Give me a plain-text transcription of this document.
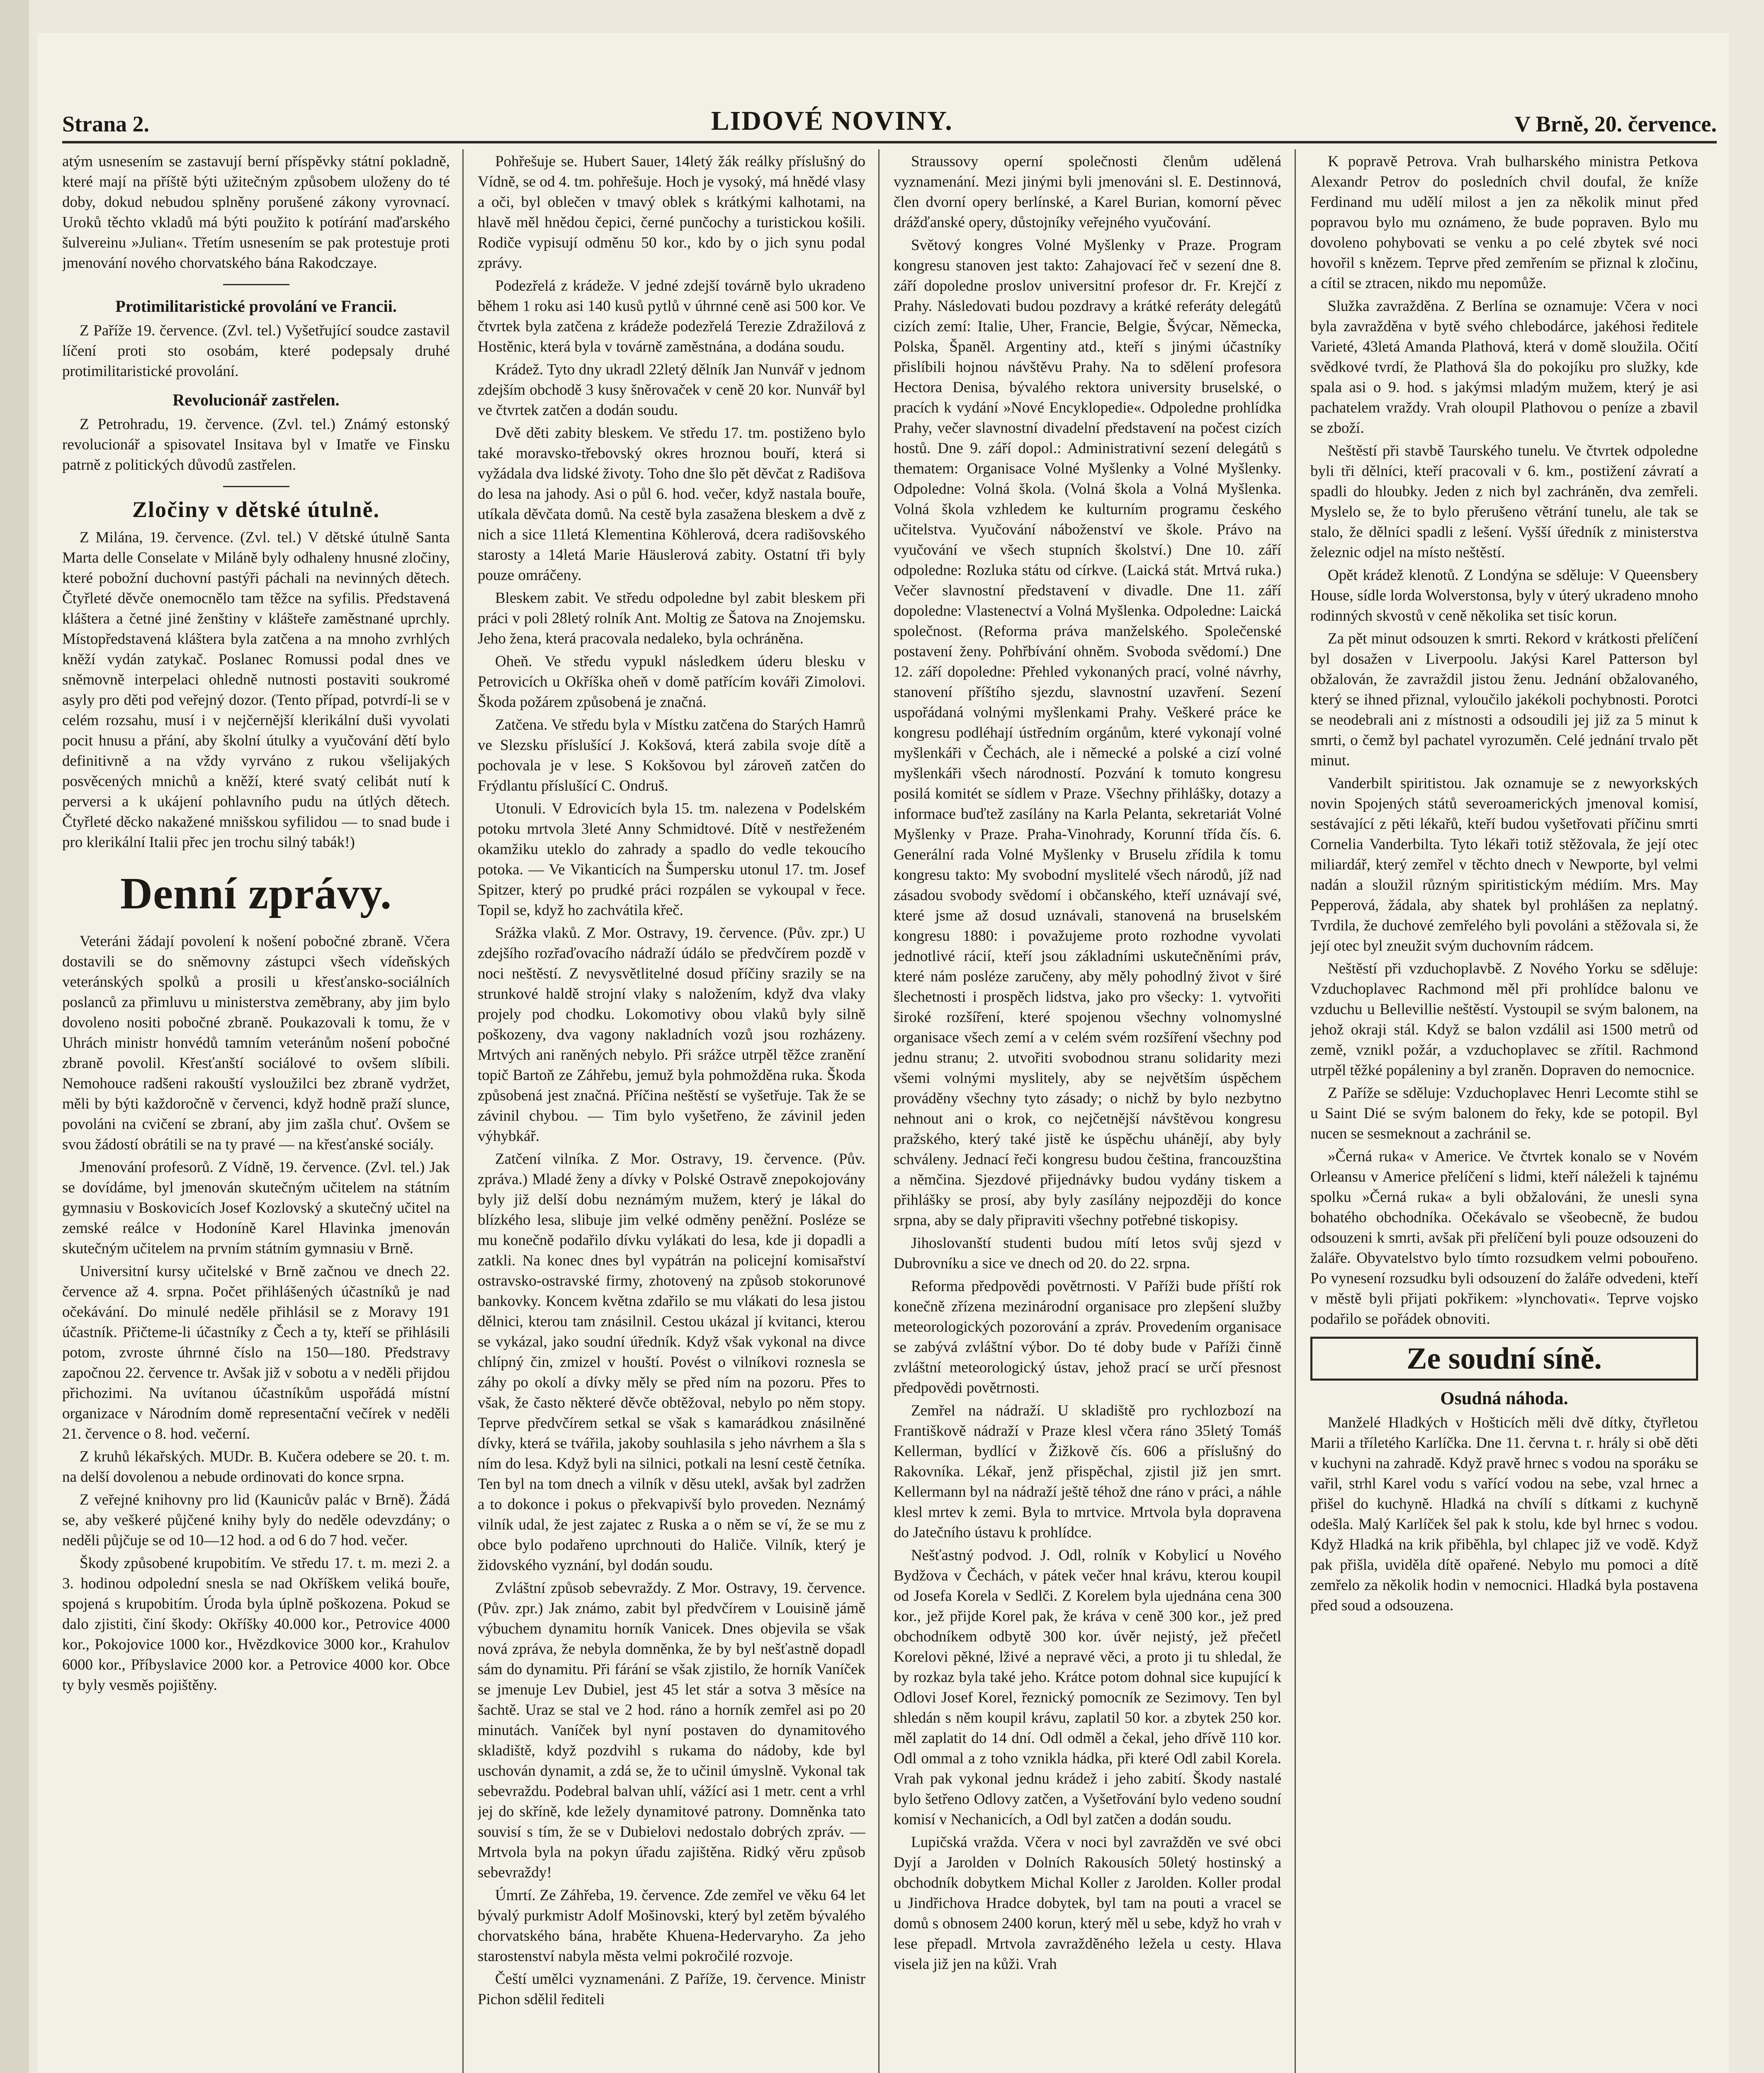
Strana 2.	LIDOVÉ NOVINY.	V Brně, 20. července.

atým usnesením se zastavují berní příspěvky státní pokladně, které mají na příště býti užitečným způsobem uloženy do té doby, dokud nebudou splněny porušené zákony vyrovnací. Uroků těchto vkladů má býti použito k potírání maďarského šulvereinu »Julian«. Třetím usnesením se pak protestuje proti jmenování nového chorvatského bána Rakodczaye.

Protimilitaristické provolání ve Francii.

Z Paříže 19. července. (Zvl. tel.) Vyšetřující soudce zastavil líčení proti sto osobám, které podepsaly druhé protimilitaristické provolání.

Revolucionář zastřelen.

Z Petrohradu, 19. července. (Zvl. tel.) Známý estonský revolucionář a spisovatel Insitava byl v Imatře ve Finsku patrně z politických důvodů zastřelen.

Zločiny v dětské útulně.

Z Milána, 19. července. (Zvl. tel.) V dětské útulně Santa Marta delle Conselate v Miláně byly odhaleny hnusné zločiny, které pobožní duchovní pastýři páchali na nevinných dětech. Čtyřleté děvče onemocnělo tam těžce na syfilis. Představená kláštera a četné jiné ženštiny v klášteře zaměstnané uprchly. Místopředstavená kláštera byla zatčena a na mnoho zvrhlých kněží vydán zatykač. Poslanec Romussi podal dnes ve sněmovně interpelaci ohledně nutnosti postaviti soukromé asyly pro děti pod veřejný dozor. (Tento případ, potvrdí-li se v celém rozsahu, musí i v nejčernější klerikální duši vyvolati pocit hnusu a přání, aby školní útulky a vyučování dětí bylo definitivně a na vždy vyrváno z rukou všelijakých posvěcených mnichů a kněží, které svatý celibát nutí k perversi a k ukájení pohlavního pudu na útlých dětech. Čtyřleté děcko nakažené mnišskou syfilidou — to snad bude i pro klerikální Italii přec jen trochu silný tabák!)

Denní zprávy.

Veteráni žádají povolení k nošení pobočné zbraně. Včera dostavili se do sněmovny zástupci všech vídeňských veteránských spolků a prosili u křesťansko-sociálních poslanců za přimluvu u ministerstva zeměbrany, aby jim bylo dovoleno nositi pobočné zbraně. Poukazovali k tomu, že v Uhrách ministr honvédů tamním veteránům nošení pobočné zbraně povolil. Křesťanští sociálové to ovšem slíbili. Nemohouce radšeni rakouští vysloužilci bez zbraně vydržet, měli by býti každoročně v červenci, když hodně praží slunce, povoláni na cvičení se zbraní, aby jim zašla chuť. Ovšem se svou žádostí obrátili se na ty pravé — na křesťanské sociály.

Jmenování profesorů. Z Vídně, 19. července. (Zvl. tel.) Jak se dovídáme, byl jmenován skutečným učitelem na státním gymnasiu v Boskovicích Josef Kozlovský a skutečný učitel na zemské reálce v Hodoníně Karel Hlavinka jmenován skutečným učitelem na prvním státním gymnasiu v Brně.

Universitní kursy učitelské v Brně začnou ve dnech 22. července až 4. srpna. Počet přihlášených účastníků je nad očekávání. Do minulé neděle přihlásil se z Moravy 191 účastník. Přičteme-li účastníky z Čech a ty, kteří se přihlásili potom, zvroste úhrnné číslo na 150—180. Předstravy započnou 22. července tr. Avšak již v sobotu a v neděli přijdou přichozimi. Na uvítanou účastníkům uspořádá místní organizace v Národním domě representační večírek v neděli 21. července o 8. hod. večerní.

Z kruhů lékařských. MUDr. B. Kučera odebere se 20. t. m. na delší dovolenou a nebude ordinovati do konce srpna.

Z veřejné knihovny pro lid (Kaunicův palác v Brně). Žádá se, aby veškeré půjčené knihy byly do neděle odevzdány; o neděli půjčuje se od 10—12 hod. a od 6 do 7 hod. večer.

Škody způsobené krupobitím. Ve středu 17. t. m. mezi 2. a 3. hodinou odpolední snesla se nad Okříškem veliká bouře, spojená s krupobitím. Úroda byla úplně poškozena. Pokud se dalo zjistiti, činí škody: Okříšky 40.000 kor., Petrovice 4000 kor., Pokojovice 1000 kor., Hvězdkovice 3000 kor., Krahulov 6000 kor., Příbyslavice 2000 kor. a Petrovice 4000 kor. Obce ty byly vesměs pojištěny.

Pohřešuje se. Hubert Sauer, 14letý žák reálky příslušný do Vídně, se od 4. tm. pohřešuje. Hoch je vysoký, má hnědé vlasy a oči, byl oblečen v tmavý oblek s krátkými kalhotami, na hlavě měl hnědou čepici, černé punčochy a turistickou košili. Rodiče vypisují odměnu 50 kor., kdo by o jich synu podal zprávy.

Podezřelá z krádeže. V jedné zdejší továrně bylo ukradeno během 1 roku asi 140 kusů pytlů v úhrnné ceně asi 500 kor. Ve čtvrtek byla zatčena z krádeže podezřelá Terezie Zdražilová z Hostěnic, která byla v továrně zaměstnána, a dodána soudu.

Krádež. Tyto dny ukradl 22letý dělník Jan Nunvář v jednom zdejším obchodě 3 kusy šněrovaček v ceně 20 kor. Nunvář byl ve čtvrtek zatčen a dodán soudu.

Dvě děti zabity bleskem. Ve středu 17. tm. postiženo bylo také moravsko-třebovský okres hroznou bouří, která si vyžádala dva lidské životy. Toho dne šlo pět děvčat z Radišova do lesa na jahody. Asi o půl 6. hod. večer, když nastala bouře, utíkala děvčata domů. Na cestě byla zasažena bleskem a dvě z nich a sice 11letá Klementina Köhlerová, dcera radišovského starosty a 14letá Marie Häuslerová zabity. Ostatní tři byly pouze omráčeny.

Bleskem zabit. Ve středu odpoledne byl zabit bleskem při práci v poli 28letý rolník Ant. Moltig ze Šatova na Znojemsku. Jeho žena, která pracovala nedaleko, byla ochráněna.

Oheň. Ve středu vypukl následkem úderu blesku v Petrovicích u Okříška oheň v domě patřícím kováři Zimolovi. Škoda požárem způsobená je značná.

Zatčena. Ve středu byla v Místku zatčena do Starých Hamrů ve Slezsku příslušící J. Kokšová, která zabila svoje dítě a pochovala je v lese. S Kokšovou byl zároveň zatčen do Frýdlantu příslušící C. Ondruš.

Utonuli. V Edrovicích byla 15. tm. nalezena v Podelském potoku mrtvola 3leté Anny Schmidtové. Dítě v nestřeženém okamžiku uteklo do zahrady a spadlo do vedle tekoucího potoka. — Ve Vikanticích na Šumpersku utonul 17. tm. Josef Spitzer, který po prudké práci rozpálen se vykoupal v řece. Topil se, když ho zachvátila křeč.

Srážka vlaků. Z Mor. Ostravy, 19. července. (Pův. zpr.) U zdejšího rozřaďovacího nádraží údálo se předvčírem pozdě v noci neštěstí. Z nevysvětlitelné dosud příčiny srazily se na strunkové haldě strojní vlaky s naložením, když dva vlaky projely pod chodku. Lokomotivy obou vlaků byly silně poškozeny, dva vagony nakladních vozů jsou rozházeny. Mrtvých ani raněných nebylo. Při srážce utrpěl těžce zranění topič Bartoň ze Záhřebu, jemuž byla pohmožděna ruka. Škoda způsobená jest značná. Příčina neštěstí se vyšetřuje. Tak že se závinil chybou. — Tim bylo vyšetřeno, že závinil jeden výhybkář.

Zatčení vilníka. Z Mor. Ostravy, 19. července. (Pův. zpráva.) Mladé ženy a dívky v Polské Ostravě znepokojovány byly již delší dobu neznámým mužem, který je lákal do blízkého lesa, slibuje jim velké odměny peněžní. Posléze se mu konečně podařilo dívku vylákati do lesa, kde ji dopadli a zatkli. Na konec dnes byl vypátrán na policejní komisařství ostravsko-ostravské firmy, zhotovený na způsob stokorunové bankovky. Koncem května zdařilo se mu vlákati do lesa jistou dělnici, kterou tam znásilnil. Cestou ukázal jí kvitanci, kterou se vykázal, jako soudní úředník. Když však vykonal na divce chlípný čin, zmizel v houští. Povést o vilníkovi roznesla se záhy po okolí a dívky měly se před ním na pozoru. Přes to však, že často některé děvče obtěžoval, nebylo po něm stopy. Teprve předvčírem setkal se však s kamarádkou znásilněné dívky, která se tvářila, jakoby souhlasila s jeho návrhem a šla s ním do lesa. Když byli na silnici, potkali na lesní cestě četníka. Ten byl na tom dnech a vilník v děsu utekl, avšak byl zadržen a to dokonce i pokus o překvapivší bylo proveden. Neznámý vilník udal, že jest zajatec z Ruska a o něm se ví, že se mu z obce bylo podařeno uprchnouti do Haliče. Vilník, který je židovského vyznání, byl dodán soudu.

Zvláštní způsob sebevraždy. Z Mor. Ostravy, 19. července. (Pův. zpr.) Jak známo, zabit byl předvčírem v Louisině jámě výbuchem dynamitu horník Vanicek. Dnes objevila se však nová zpráva, že nebyla domněnka, že by byl nešťastně dopadl sám do dynamitu. Při fárání se však zjistilo, že horník Vaníček se jmenuje Lev Dubiel, jest 45 let stár a sotva 3 měsíce na šachtě. Uraz se stal ve 2 hod. ráno a horník zemřel asi po 20 minutách. Vaníček byl nyní postaven do dynamitového skladiště, když pozdvihl s rukama do nádoby, kde byl uschován dynamit, a zdá se, že to učinil úmyslně. Vykonal tak sebevraždu. Podebral balvan uhlí, vážící asi 1 metr. cent a vrhl jej do skříně, kde ležely dynamitové patrony. Domněnka tato souvisí s tím, že se v Dubielovi nedostalo dobrých zpráv. — Mrtvola byla na pokyn úřadu zajištěna. Ridký věru způsob sebevraždy!

Úmrtí. Ze Záhřeba, 19. července. Zde zemřel ve věku 64 let bývalý purkmistr Adolf Mošinovski, který byl zetěm bývalého chorvatského bána, hraběte Khuena-Hedervaryho. Za jeho starostenství nabyla města velmi pokročilé rozvoje.

Čeští umělci vyznamenáni. Z Paříže, 19. července. Ministr Pichon sdělil řediteli

Straussovy operní společnosti členům udělená vyznamenání. Mezi jinými byli jmenováni sl. E. Destinnová, člen dvorní opery berlínské, a Karel Burian, komorní pěvec drážďanské opery, důstojníky veřejného vyučování.

Světový kongres Volné Myšlenky v Praze. Program kongresu stanoven jest takto: Zahajovací řeč v sezení dne 8. září dopoledne proslov universitní profesor dr. Fr. Krejčí z Prahy. Následovati budou pozdravy a krátké referáty delegátů cizích zemí: Italie, Uher, Francie, Belgie, Švýcar, Německa, Polska, Španěl. Argentiny atd., kteří s jinými účastníky přislíbili hojnou návštěvu Prahy. Na to sdělení profesora Hectora Denisa, bývalého rektora university bruselské, o pracích k vydání »Nové Encyklopedie«. Odpoledne prohlídka Prahy, večer slavnostní divadelní představení na počest cizích hostů. Dne 9. září dopol.: Administrativní sezení delegátů s thematem: Organisace Volné Myšlenky a Volné Myšlenky. Odpoledne: Volná škola. (Volná škola a Volná Myšlenka. Volná škola vzhledem ke kulturním programu českého učitelstva. Vyučování náboženství ve škole. Právo na vyučování ve všech stupních školství.) Dne 10. září odpoledne: Rozluka státu od církve. (Laická stát. Mrtvá ruka.) Večer slavnostní představení v divadle. Dne 11. září dopoledne: Vlastenectví a Volná Myšlenka. Odpoledne: Laická společnost. (Reforma práva manželského. Společenské postavení ženy. Pohřbívání ohněm. Svoboda svědomí.) Dne 12. září dopoledne: Přehled vykonaných prací, volné návrhy, stanovení příštího sjezdu, slavnostní uzavření. Sezení uspořádaná volnými myšlenkami Prahy. Veškeré práce ke kongresu podléhají ústředním orgánům, které vykonají volné myšlenkáři v Čechách, ale i německé a polské a cizí volné myšlenkáři všech národností. Pozvání k tomuto kongresu posilá komitét se sídlem v Praze. Všechny přihlášky, dotazy a informace buďtež zasílány na Karla Pelanta, sekretariát Volné Myšlenky v Praze. Praha-Vinohrady, Korunní třída čís. 6. Generální rada Volné Myšlenky v Bruselu zřídila k tomu kongresu takto: My svobodní myslitelé všech národů, jíž nad zásadou svobody svědomí i občanského, kteří uznávají své, které jsme až dosud uznávali, stanovená na bruselském kongresu 1880: i považujeme proto rozhodne vyvolati jednotlivé rácií, kteří jsou základními uskutečněními práv, které nám posléze zaručeny, aby měly pohodlný život v širé šlechetnosti i prospěch lidstva, jako pro všecky: 1. vytvořiti široké rozšíření, které spojenou všechny volnomyslné organisace všech zemí a v celém svém rozšíření všechny pod jednu stranu; 2. utvořiti svobodnou stranu solidarity mezi všemi volnými myslitely, aby se největším úspěchem prováděny všechny tyto zásady; o nichž by bylo nezbytno nehnout ani o krok, co nejčetnější návštěvou kongresu pražského, který také jistě ke úspěchu uhánějí, aby byly schváleny. Jednací řeči kongresu budou čeština, francouzština a němčina. Sjezdové přijednávky budou vydány tiskem a přihlášky se prosí, aby byly zasílány nejpozději do konce srpna, aby se daly připraviti všechny potřebné tiskopisy.

Jihoslovanští studenti budou mítí letos svůj sjezd v Dubrovníku a sice ve dnech od 20. do 22. srpna.

Reforma předpovědi povětrnosti. V Paříži bude příští rok konečně zřízena mezinárodní organisace pro zlepšení služby meteorologických pozorování a zpráv. Provedením organisace se zabývá zvláštní výbor. Do té doby bude v Paříži činně zvláštní meteorologický ústav, jehož prací se určí přesnost předpovědi povětrnosti.

Zemřel na nádraží. U skladiště pro rychlozbozí na Františkově nádraží v Praze klesl včera ráno 35letý Tomáš Kellerman, bydlící v Žižkově čís. 606 a příslušný do Rakovníka. Lékař, jenž přispěchal, zjistil již jen smrt. Kellermann byl na nádraží ještě téhož dne ráno v práci, a náhle klesl mrtev k zemi. Byla to mrtvice. Mrtvola byla dopravena do Jatečního ústavu k prohlídce.

Nešťastný podvod. J. Odl, rolník v Kobylicí u Nového Bydžova v Čechách, v pátek večer hnal krávu, kterou koupil od Josefa Korela v Sedlči. Z Korelem byla ujednána cena 300 kor., jež přijde Korel pak, že kráva v ceně 300 kor., jež pred obchodníkem odbytě 300 kor. úvěr nejistý, jež přečetl Korelovi pěkné, lživé a nepravé věci, a proto ji tu shledal, že by rozkaz byla také jeho. Krátce potom dohnal sice kupující k Odlovi Josef Korel, řeznický pomocník ze Sezimovy. Ten byl shledán s něm koupil krávu, zaplatil 50 kor. a zbytek 250 kor. měl zaplatit do 14 dní. Odl odměl a čekal, jeho dřívě 110 kor. Odl ommal a z toho vznikla hádka, při které Odl zabil Korela. Vrah pak vykonal jednu krádež i jeho zabití. Škody nastalé bylo šetřeno Odlovy zatčen, a Vyšetřování bylo vedeno soudní komisí v Nechanicích, a Odl byl zatčen a dodán soudu.

Lupičská vražda. Včera v noci byl zavražděn ve své obci Dyjí a Jarolden v Dolních Rakousích 50letý hostinský a obchodník dobytkem Michal Koller z Jarolden. Koller prodal u Jindřichova Hradce dobytek, byl tam na pouti a vracel se domů s obnosem 2400 korun, který měl u sebe, když ho vrah v lese přepadl. Mrtvola zavražděného ležela u cesty. Hlava visela již jen na kůži. Vrah

K popravě Petrova. Vrah bulharského ministra Petkova Alexandr Petrov do posledních chvil doufal, že kníže Ferdinand mu udělí milost a jen za několik minut před popravou bylo mu oznámeno, že bude popraven. Bylo mu dovoleno pohybovati se venku a po celé zbytek své noci hovořil s knězem. Teprve před zemřením se přiznal k zločinu, a cítil se ztracen, nikdo mu nepomůže.

Služka zavražděna. Z Berlína se oznamuje: Včera v noci byla zavražděna v bytě svého chlebodárce, jakéhosi ředitele Varieté, 43letá Amanda Plathová, která v domě sloužila. Očití svědkové tvrdí, že Plathová šla do pokojíku pro služky, kde spala asi o 9. hod. s jakýmsi mladým mužem, který je asi pachatelem vraždy. Vrah oloupil Plathovou o peníze a zbavil se zboží.

Neštěstí při stavbě Taurského tunelu. Ve čtvrtek odpoledne byli tři dělníci, kteří pracovali v 6. km., postižení závratí a spadli do hloubky. Jeden z nich byl zachráněn, dva zemřeli. Myslelo se, že to bylo přerušeno větrání tunelu, ale tak se stalo, že dělníci spadli z lešení. Vyšší úředník z ministerstva železnic odjel na místo neštěstí.

Opět krádež klenotů. Z Londýna se sděluje: V Queensbery House, sídle lorda Wolverstonsa, byly v úterý ukradeno mnoho rodinných skvostů v ceně několika set tisíc korun.

Za pět minut odsouzen k smrti. Rekord v krátkosti přelíčení byl dosažen v Liverpoolu. Jakýsi Karel Patterson byl obžalován, že zavraždil jistou ženu. Jednání obžalovaného, který se ihned přiznal, vyloučilo jakékoli pochybnosti. Porotci se neodebrali ani z místnosti a odsoudili jej již za 5 minut k smrti, o čemž byl pachatel vyrozuměn. Celé jednání trvalo pět minut.

Vanderbilt spiritistou. Jak oznamuje se z newyorkských novin Spojených států severoamerických jmenoval komisí, sestávající z pěti lékařů, kteří budou vyšetřovati příčinu smrti Cornelia Vanderbilta. Tyto lékaři totiž stěžovala, že její otec miliardář, který zemřel v těchto dnech v Newporte, byl velmi nadán a sloužil různým spiritistickým médiím. Mrs. May Pepperová, žádala, aby shatek byl prohlášen za neplatný. Tvrdila, že duchové zemřelého byli povoláni a stěžovala si, že její otec byl zneužit svým duchovním rádcem.

Neštěstí při vzduchoplavbě. Z Nového Yorku se sděluje: Vzduchoplavec Rachmond měl při prohlídce balonu ve vzduchu u Bellevillie neštěstí. Vystoupil se svým balonem, na jehož okraji stál. Když se balon vzdálil asi 1500 metrů od země, vznikl požár, a vzduchoplavec se zřítil. Rachmond utrpěl těžké popáleniny a byl zraněn. Dopraven do nemocnice.

Z Paříže se sděluje: Vzduchoplavec Henri Lecomte stihl se u Saint Dié se svým balonem do řeky, kde se potopil. Byl nucen se sesmeknout a zachránil se.

»Černá ruka« v Americe. Ve čtvrtek konalo se v Novém Orleansu v Americe přelíčení s lidmi, kteří náleželi k tajnému spolku »Černá ruka« a byli obžalováni, že unesli syna bohatého obchodníka. Očekávalo se všeobecně, že budou odsouzeni k smrti, avšak při přelíčení byli pouze odsouzeni do žaláře. Obyvatelstvo bylo tímto rozsudkem velmi pobouřeno. Po vynesení rozsudku byli odsouzení do žaláře odvedeni, kteří v městě byli přijati pokřikem: »lynchovati«. Teprve vojsko podařilo se pořádek obnoviti.

Ze soudní síně.
Osudná náhoda.

Manželé Hladkých v Hošticích měli dvě dítky, čtyřletou Marii a tříletého Karlíčka. Dne 11. června t. r. hrály si obě děti v kuchyni na zahradě. Když pravě hrnec s vodou na sporáku se vařil, strhl Karel vodu s vařící vodou na sebe, vzal hrnec a přišel do kuchyně. Hladká na chvílí s dítkami z kuchyně odešla. Malý Karlíček šel pak k stolu, kde byl hrnec s vodou. Když Hladká na krik přiběhla, byl chlapec již ve vodě. Když pak přišla, uviděla dítě opařené. Nebylo mu pomoci a dítě zemřelo za několik hodin v nemocnici. Hladká byla postavena před soud a odsouzena.
